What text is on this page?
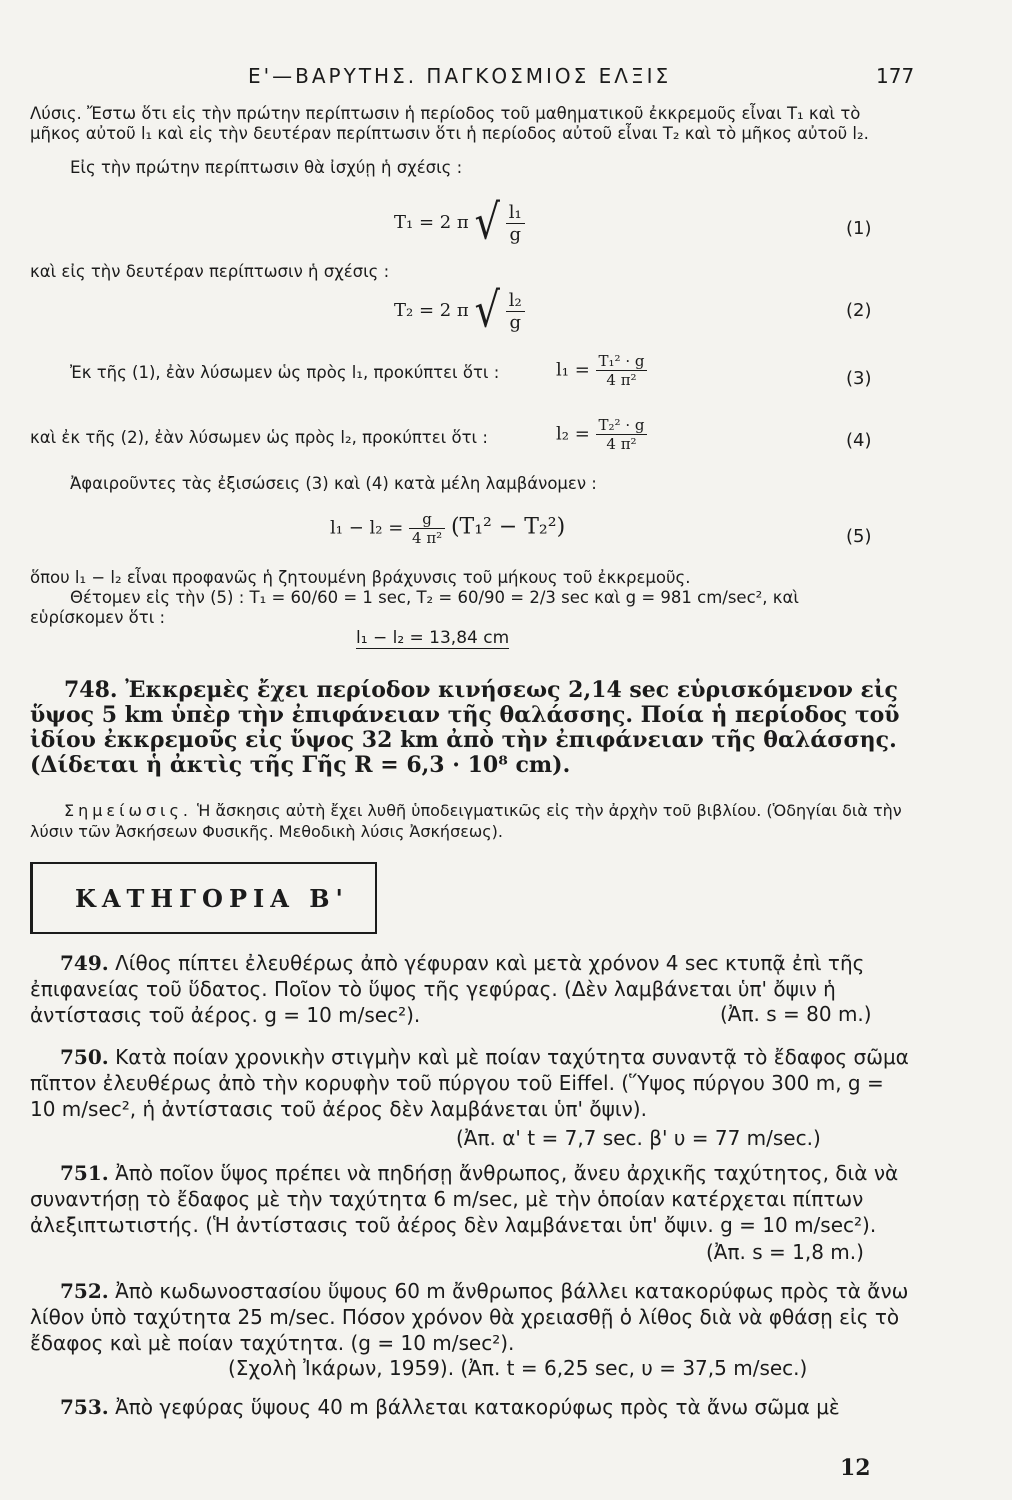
Ε'—ΒΑΡΥΤΗΣ. ΠΑΓΚΟΣΜΙΟΣ ΕΛΞΙΣ	177
Λύσις. Ἔστω ὅτι εἰς τὴν πρώτην περίπτωσιν ἡ περίοδος τοῦ μαθηματικοῦ ἐκκρεμοῦς εἶναι T₁ καὶ τὸ μῆκος αὐτοῦ l₁ καὶ εἰς τὴν δευτέραν περίπτωσιν ὅτι ἡ περίοδος αὐτοῦ εἶναι T₂ καὶ τὸ μῆκος αὐτοῦ l₂.
Εἰς τὴν πρώτην περίπτωσιν θὰ ἰσχύῃ ἡ σχέσις :
T₁ = 2 π √ $\frac{\text{l₁}}{g}$	(1)
καὶ εἰς τὴν δευτέραν περίπτωσιν ἡ σχέσις :
T₂ = 2 π √ $\frac{\text{l₂}}{g}$	(2)
Ἐκ τῆς (1), ἐὰν λύσωμεν ὡς πρὸς l₁, προκύπτει ὅτι :	$l_1 = \frac{\text{T₁² · g}}{\text{4 π²}}$	(3)
καὶ ἐκ τῆς (2), ἐὰν λύσωμεν ὡς πρὸς l₂, προκύπτει ὅτι :	$l_2 = \frac{\text{T₂² · g}}{\text{4 π²}}$	(4)
Ἀφαιροῦντες τὰς ἐξισώσεις (3) καὶ (4) κατὰ μέλη λαμβάνομεν :
$l_1 - l_2 = \frac{g}{\text{4 π²}} (T_1^2 - T_2^2)$	(5)
ὅπου l₁ − l₂ εἶναι προφανῶς ἡ ζητουμένη βράχυνσις τοῦ μήκους τοῦ ἐκκρεμοῦς.
Θέτομεν εἰς τὴν (5) : T₁ = 60/60 = 1 sec, T₂ = 60/90 = 2/3 sec καὶ g = 981 cm/sec², καὶ εὑρίσκομεν ὅτι :
l₁ − l₂ = 13,84 cm
748. Ἐκκρεμὲς ἔχει περίοδον κινήσεως 2,14 sec εὑρισκόμενον εἰς ὕψος 5 km ὑπὲρ τὴν ἐπιφάνειαν τῆς θαλάσσης. Ποία ἡ περίοδος τοῦ ἰδίου ἐκκρεμοῦς εἰς ὕψος 32 km ἀπὸ τὴν ἐπιφάνειαν τῆς θαλάσσης. (Δίδεται ἡ ἀκτὶς τῆς Γῆς R = 6,3 · 10⁸ cm).
Σημείωσις. Ἡ ἄσκησις αὐτὴ ἔχει λυθῆ ὑποδειγματικῶς εἰς τὴν ἀρχὴν τοῦ βιβλίου. (Ὁδηγίαι διὰ τὴν λύσιν τῶν Ἀσκήσεων Φυσικῆς. Μεθοδικὴ λύσις Ἀσκήσεως).
ΚΑΤΗΓΟΡΙΑ Β'
749. Λίθος πίπτει ἐλευθέρως ἀπὸ γέφυραν καὶ μετὰ χρόνον 4 sec κτυπᾷ ἐπὶ τῆς ἐπιφανείας τοῦ ὕδατος. Ποῖον τὸ ὕψος τῆς γεφύρας. (Δὲν λαμβάνεται ὑπ' ὄψιν ἡ ἀντίστασις τοῦ ἀέρος. g = 10 m/sec²).	(Ἀπ. s = 80 m.)
750. Κατὰ ποίαν χρονικὴν στιγμὴν καὶ μὲ ποίαν ταχύτητα συναντᾷ τὸ ἔδαφος σῶμα πῖπτον ἐλευθέρως ἀπὸ τὴν κορυφὴν τοῦ πύργου τοῦ Eiffel. (Ὕψος πύργου 300 m, g = 10 m/sec², ἡ ἀντίστασις τοῦ ἀέρος δὲν λαμβάνεται ὑπ' ὄψιν).
(Ἀπ. α' t = 7,7 sec. β' υ = 77 m/sec.)
751. Ἀπὸ ποῖον ὕψος πρέπει νὰ πηδήσῃ ἄνθρωπος, ἄνευ ἀρχικῆς ταχύτητος, διὰ νὰ συναντήσῃ τὸ ἔδαφος μὲ τὴν ταχύτητα 6 m/sec, μὲ τὴν ὁποίαν κατέρχεται πίπτων ἀλεξιπτωτιστής. (Ἡ ἀντίστασις τοῦ ἀέρος δὲν λαμβάνεται ὑπ' ὄψιν. g = 10 m/sec²).
(Ἀπ. s = 1,8 m.)
752. Ἀπὸ κωδωνοστασίου ὕψους 60 m ἄνθρωπος βάλλει κατακορύφως πρὸς τὰ ἄνω λίθον ὑπὸ ταχύτητα 25 m/sec. Πόσον χρόνον θὰ χρειασθῇ ὁ λίθος διὰ νὰ φθάσῃ εἰς τὸ ἔδαφος καὶ μὲ ποίαν ταχύτητα. (g = 10 m/sec²).
(Σχολὴ Ἰκάρων, 1959). (Ἀπ. t = 6,25 sec, υ = 37,5 m/sec.)
753. Ἀπὸ γεφύρας ὕψους 40 m βάλλεται κατακορύφως πρὸς τὰ ἄνω σῶμα μὲ
12
